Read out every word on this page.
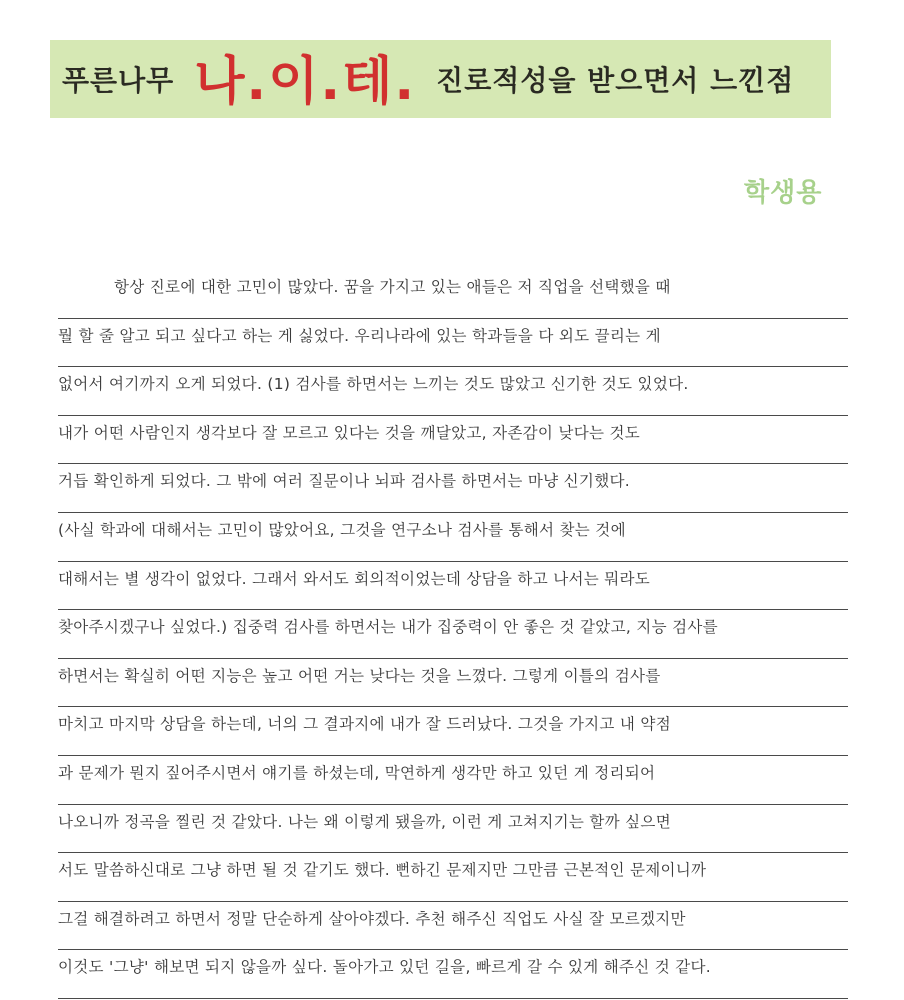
푸른나무 나.이.테. 진로적성을 받으면서 느낀점
학생용
항상 진로에 대한 고민이 많았다. 꿈을 가지고 있는 애들은 저 직업을 선택했을 때
뭘 할 줄 알고 되고 싶다고 하는 게 싫었다. 우리나라에 있는 학과들을 다 외도 끌리는 게
없어서 여기까지 오게 되었다. (1) 검사를 하면서는 느끼는 것도 많았고 신기한 것도 있었다.
내가 어떤 사람인지 생각보다 잘 모르고 있다는 것을 깨달았고, 자존감이 낮다는 것도
거듭 확인하게 되었다. 그 밖에 여러 질문이나 뇌파 검사를 하면서는 마냥 신기했다.
(사실 학과에 대해서는 고민이 많았어요, 그것을 연구소나 검사를 통해서 찾는 것에
대해서는 별 생각이 없었다. 그래서 와서도 회의적이었는데 상담을 하고 나서는 뭐라도
찾아주시겠구나 싶었다.) 집중력 검사를 하면서는 내가 집중력이 안 좋은 것 같았고, 지능 검사를
하면서는 확실히 어떤 지능은 높고 어떤 거는 낮다는 것을 느꼈다. 그렇게 이틀의 검사를
마치고 마지막 상담을 하는데, 너의 그 결과지에 내가 잘 드러났다. 그것을 가지고 내 약점
과 문제가 뭔지 짚어주시면서 얘기를 하셨는데, 막연하게 생각만 하고 있던 게 정리되어
나오니까 정곡을 찔린 것 같았다. 나는 왜 이렇게 됐을까, 이런 게 고쳐지기는 할까 싶으면
서도 말씀하신대로 그냥 하면 될 것 같기도 했다. 뻔하긴 문제지만 그만큼 근본적인 문제이니까
그걸 해결하려고 하면서 정말 단순하게 살아야겠다. 추천 해주신 직업도 사실 잘 모르겠지만
이것도 '그냥' 해보면 되지 않을까 싶다. 돌아가고 있던 길을, 빠르게 갈 수 있게 해주신 것 같다.
